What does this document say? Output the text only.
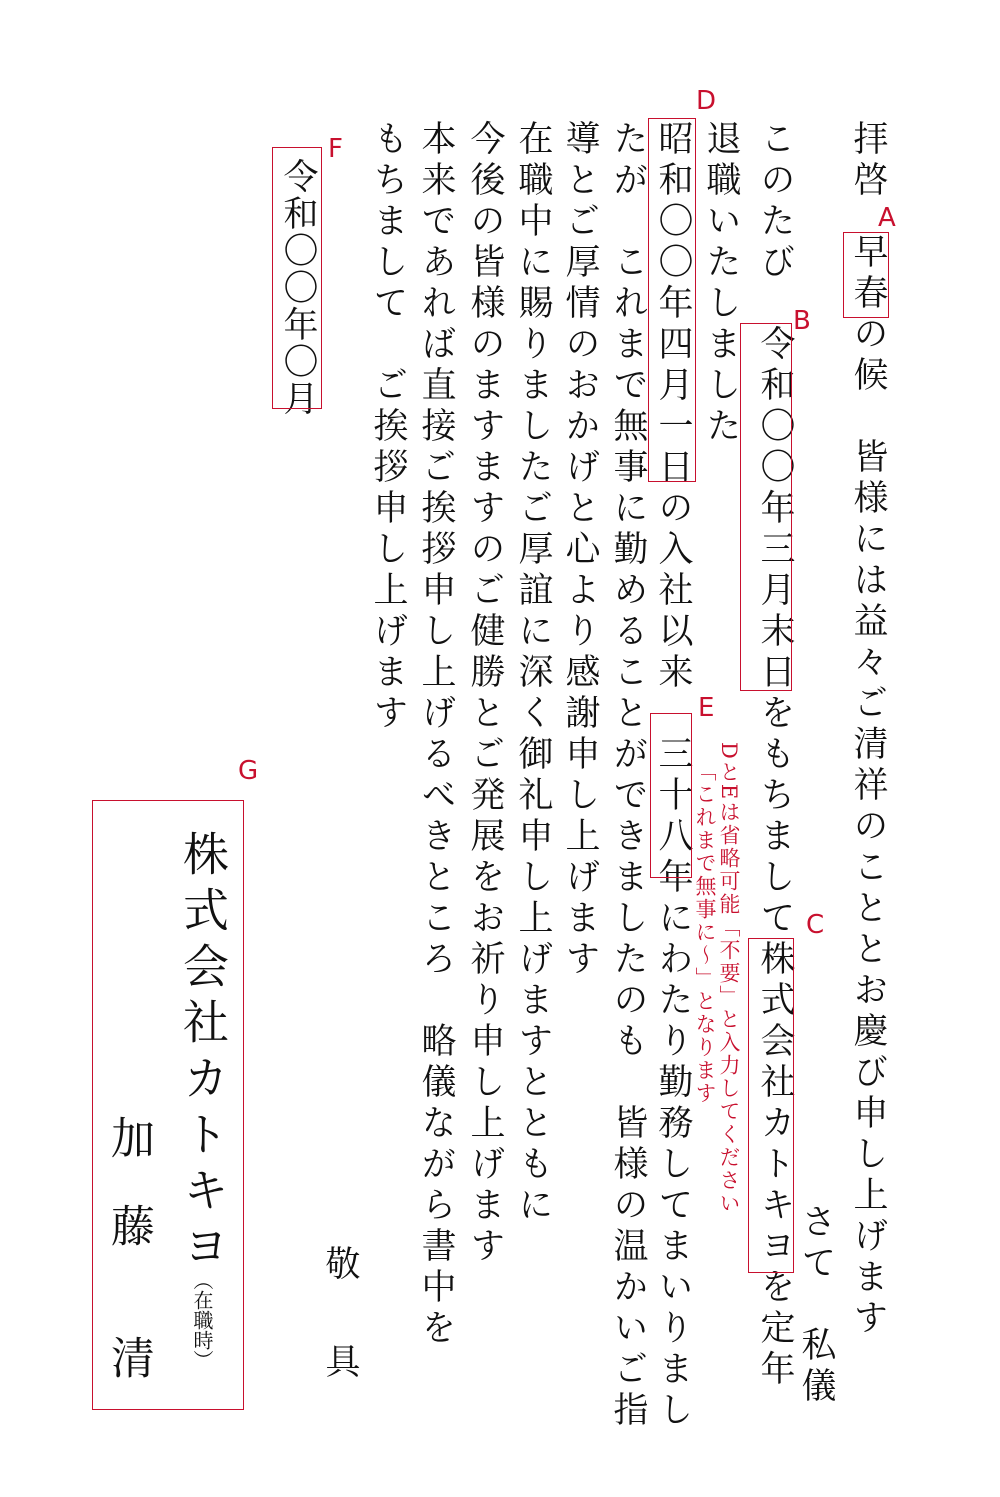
拝啓
早春の候　皆様には益々ご清祥のこととお慶び申し上げます
さて　私儀
このたび　令和〇〇年三月末日をもちまして株式会社カトキヨを定年
退職いたしました
昭和〇〇年四月一日の入社以来　三十八年にわたり勤務してまいりまし
たが　これまで無事に勤めることができましたのも　皆様の温かいご指
導とご厚情のおかげと心より感謝申し上げます
在職中に賜りましたご厚誼に深く御礼申し上げますとともに
今後の皆様のますますのご健勝とご発展をお祈り申し上げます
本来であれば直接ご挨拶申し上げるべきところ　略儀ながら書中を
もちまして　ご挨拶申し上げます
敬　具
令和〇〇年〇月	A
B
C
D
E
F
G	DとEは省略可能「不要」と入力してください
「これまで無事に〜」となります
株式会社カトキヨ
加　藤　　清 （在職時）
